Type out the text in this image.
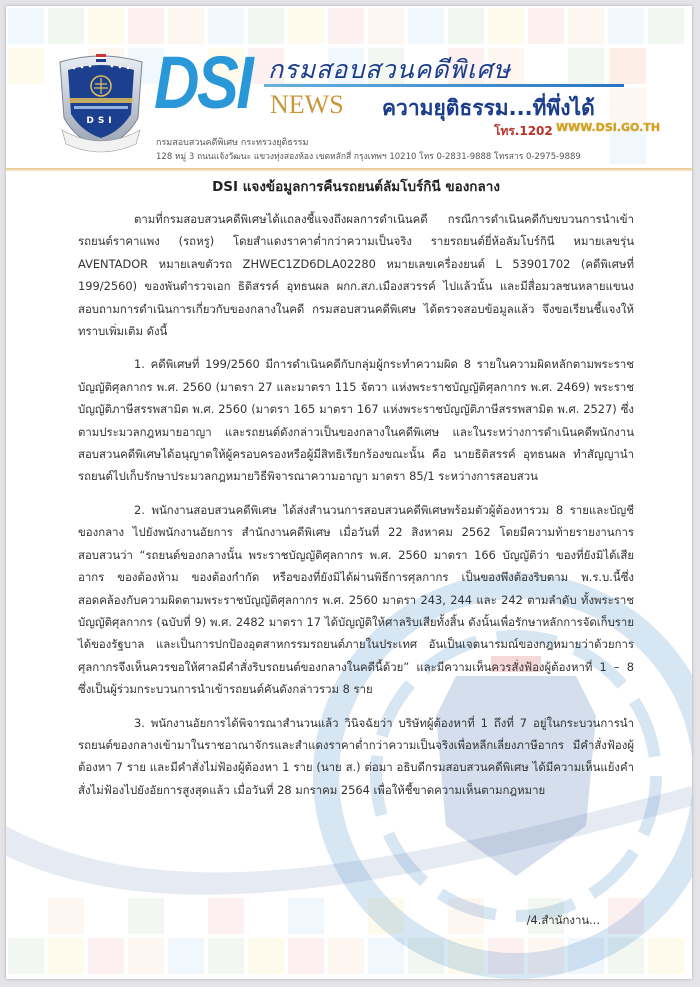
DSI DSI กรมสอบสวนคดีพิเศษ
NEWS ความยุติธรรม...ที่พึ่งได้
โทร.1202 WWW.DSI.GO.TH
กรมสอบสวนคดีพิเศษ กระทรวงยุติธรรม
128 หมู่ 3 ถนนแจ้งวัฒนะ แขวงทุ่งสองห้อง เขตหลักสี่ กรุงเทพฯ 10210 โทร 0-2831-9888 โทรสาร 0-2975-9889
DSI แจงข้อมูลการคืนรถยนต์ลัมโบร์กินี ของกลาง

ตามที่กรมสอบสวนคดีพิเศษได้แถลงชี้แจงถึงผลการดำเนินคดี กรณีการดำเนินคดีกับขบวนการนำเข้ารถยนต์ราคาแพง (รถหรู) โดยสำแดงราคาต่ำกว่าความเป็นจริง รายรถยนต์ยี่ห้อลัมโบร์กินี หมายเลขรุ่น AVENTADOR หมายเลขตัวรถ ZHWEC1ZD6DLA02280 หมายเลขเครื่องยนต์ L 53901702 (คดีพิเศษที่ 199/2560) ของพันตำรวจเอก ธิติสรรค์ อุทธนผล ผกก.สภ.เมืองสวรรค์ ไปแล้วนั้น และมีสื่อมวลชนหลายแขนงสอบถามการดำเนินการเกี่ยวกับของกลางในคดี กรมสอบสวนคดีพิเศษ ได้ตรวจสอบข้อมูลแล้ว จึงขอเรียนชี้แจงให้ทราบเพิ่มเติม ดังนี้

1. คดีพิเศษที่ 199/2560 มีการดำเนินคดีกับกลุ่มผู้กระทำความผิด 8 รายในความผิดหลักตามพระราชบัญญัติศุลกากร พ.ศ. 2560 (มาตรา 27 และมาตรา 115 จัตวา แห่งพระราชบัญญัติศุลกากร พ.ศ. 2469) พระราชบัญญัติภาษีสรรพสามิต พ.ศ. 2560 (มาตรา 165 มาตรา 167 แห่งพระราชบัญญัติภาษีสรรพสามิต พ.ศ. 2527) ซึ่งตามประมวลกฎหมายอาญา และรถยนต์ดังกล่าวเป็นของกลางในคดีพิเศษ และในระหว่างการดำเนินคดีพนักงานสอบสวนคดีพิเศษได้อนุญาตให้ผู้ครอบครองหรือผู้มีสิทธิเรียกร้องขณะนั้น คือ นายธิติสรรค์ อุทธนผล ทำสัญญานำรถยนต์ไปเก็บรักษาประมวลกฎหมายวิธีพิจารณาความอาญา มาตรา 85/1 ระหว่างการสอบสวน

2. พนักงานสอบสวนคดีพิเศษ ได้ส่งสำนวนการสอบสวนคดีพิเศษพร้อมตัวผู้ต้องหารวม 8 รายและบัญชีของกลาง ไปยังพนักงานอัยการ สำนักงานคดีพิเศษ เมื่อวันที่ 22 สิงหาคม 2562 โดยมีความท้ายรายงานการสอบสวนว่า “รถยนต์ของกลางนั้น พระราชบัญญัติศุลกากร พ.ศ. 2560 มาตรา 166 บัญญัติว่า ของที่ยังมิได้เสียอากร ของต้องห้าม ของต้องกำกัด หรือของที่ยังมิได้ผ่านพิธีการศุลกากร เป็นของพึงต้องริบตาม พ.ร.บ.นี้ซึ่งสอดคล้องกับความผิดตามพระราชบัญญัติศุลกากร พ.ศ. 2560 มาตรา 243, 244 และ 242 ตามลำดับ ทั้งพระราชบัญญัติศุลกากร (ฉบับที่ 9) พ.ศ. 2482 มาตรา 17 ได้บัญญัติให้ศาลริบเสียทั้งสิ้น ดังนั้นเพื่อรักษาหลักการจัดเก็บรายได้ของรัฐบาล และเป็นการปกป้องอุตสาหกรรมรถยนต์ภายในประเทศ อันเป็นเจตนารมณ์ของกฎหมายว่าด้วยการศุลกากรจึงเห็นควรขอให้ศาลมีคำสั่งริบรถยนต์ของกลางในคดีนี้ด้วย” และมีความเห็นควรสั่งฟ้องผู้ต้องหาที่ 1 – 8 ซึ่งเป็นผู้ร่วมกระบวนการนำเข้ารถยนต์คันดังกล่าวรวม 8 ราย

3. พนักงานอัยการได้พิจารณาสำนวนแล้ว วินิจฉัยว่า บริษัทผู้ต้องหาที่ 1 ถึงที่ 7 อยู่ในกระบวนการนำรถยนต์ของกลางเข้ามาในราชอาณาจักรและสำแดงราคาต่ำกว่าความเป็นจริงเพื่อหลีกเลี่ยงภาษีอากร มีคำสั่งฟ้องผู้ต้องหา 7 ราย และมีคำสั่งไม่ฟ้องผู้ต้องหา 1 ราย (นาย ส.) ต่อมา อธิบดีกรมสอบสวนคดีพิเศษ ได้มีความเห็นแย้งคำสั่งไม่ฟ้องไปยังอัยการสูงสุดแล้ว เมื่อวันที่ 28 มกราคม 2564 เพื่อให้ชี้ขาดความเห็นตามกฎหมาย

/4.สำนักงาน...
